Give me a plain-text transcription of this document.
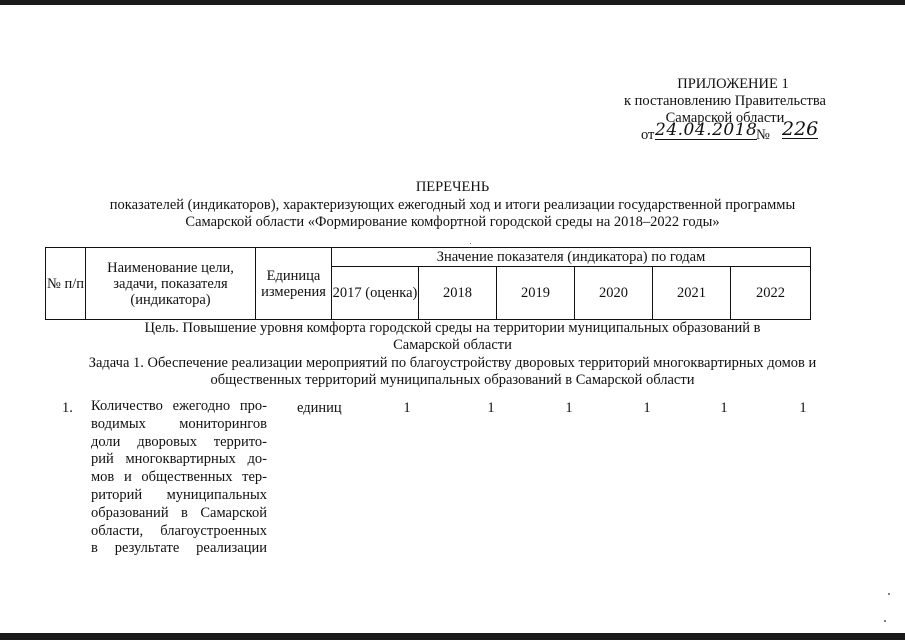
ПРИЛОЖЕНИЕ 1
к постановлению Правительства
Самарской области
от 24.04.2018
№ 226
ПЕРЕЧЕНЬ
показателей (индикаторов), характеризующих ежегодный ход и итоги реализации государственной программы
Самарской области «Формирование комфортной городской среды на 2018–2022 годы»
№ п/п	Наименование цели, задачи, показателя (индикатора)	Единица измерения	Значение показателя (индикатора) по годам					
			2017 (оценка)	2018	2019	2020	2021	2022
Цель. Повышение уровня комфорта городской среды на территории муниципальных образований в
Самарской области
Задача 1. Обеспечение реализации мероприятий по благоустройству дворовых территорий многоквартирных домов и
общественных территорий муниципальных образований в Самарской области
1. Количество ежегодно про-
водимых мониторингов
доли дворовых террито-
рий многоквартирных до-
мов и общественных тер-
риторий муниципальных
образований в Самарской
области, благоустроенных
в результате реализации
единиц	1	1	1	1	1	1
